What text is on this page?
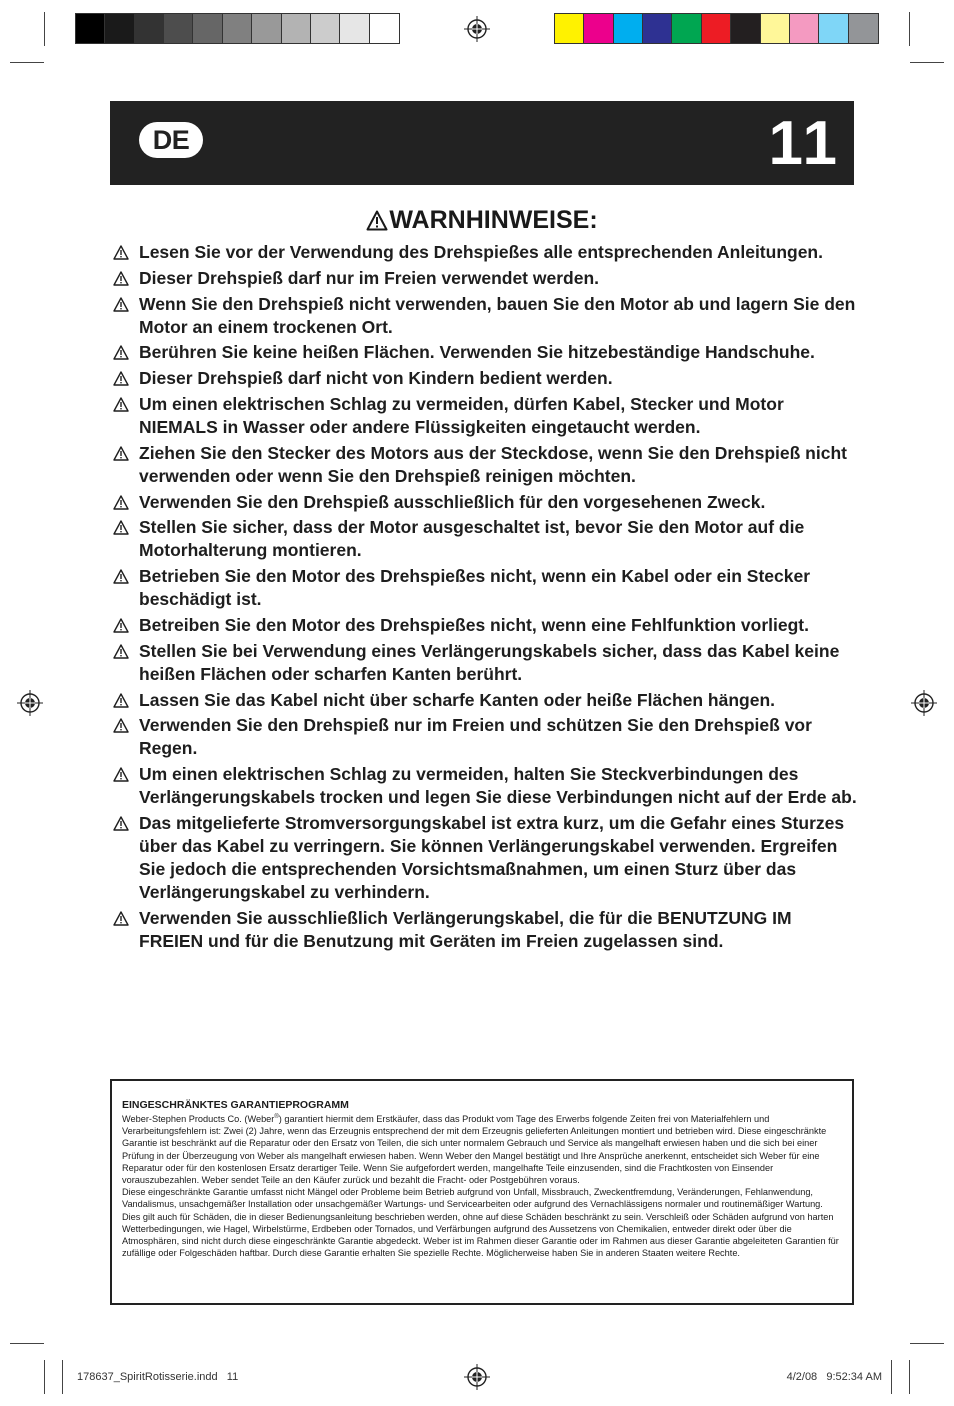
DE	11
WARNHINWEISE:
Lesen Sie vor der Verwendung des Drehspießes alle entsprechenden Anleitungen.
Dieser Drehspieß darf nur im Freien verwendet werden.
Wenn Sie den Drehspieß nicht verwenden, bauen Sie den Motor ab und lagern Sie den Motor an einem trockenen Ort.
Berühren Sie keine heißen Flächen. Verwenden Sie hitzebeständige Handschuhe.
Dieser Drehspieß darf nicht von Kindern bedient werden.
Um einen elektrischen Schlag zu vermeiden, dürfen Kabel, Stecker und Motor NIEMALS in Wasser oder andere Flüssigkeiten eingetaucht werden.
Ziehen Sie den Stecker des Motors aus der Steckdose, wenn Sie den Drehspieß nicht verwenden oder wenn Sie den Drehspieß reinigen möchten.
Verwenden Sie den Drehspieß ausschließlich für den vorgesehenen Zweck.
Stellen Sie sicher, dass der Motor ausgeschaltet ist, bevor Sie den Motor auf die Motorhalterung montieren.
Betrieben Sie den Motor des Drehspießes nicht, wenn ein Kabel oder ein Stecker beschädigt ist.
Betreiben Sie den Motor des Drehspießes nicht, wenn eine Fehlfunktion vorliegt.
Stellen Sie bei Verwendung eines Verlängerungskabels sicher, dass das Kabel keine heißen Flächen oder scharfen Kanten berührt.
Lassen Sie das Kabel nicht über scharfe Kanten oder heiße Flächen hängen.
Verwenden Sie den Drehspieß nur im Freien und schützen Sie den Drehspieß vor Regen.
Um einen elektrischen Schlag zu vermeiden, halten Sie Steckverbindungen des Verlängerungskabels trocken und legen Sie diese Verbindungen nicht auf der Erde ab.
Das mitgelieferte Stromversorgungskabel ist extra kurz, um die Gefahr eines Sturzes über das Kabel zu verringern. Sie können Verlängerungskabel verwenden. Ergreifen Sie jedoch die entsprechenden Vorsichtsmaßnahmen, um einen Sturz über das Verlängerungskabel zu verhindern.
Verwenden Sie ausschließlich Verlängerungskabel, die für die BENUTZUNG IM FREIEN und für die Benutzung mit Geräten im Freien zugelassen sind.

EINGESCHRÄNKTES GARANTIEPROGRAMM

Weber-Stephen Products Co. (Weber®) garantiert hiermit dem Erstkäufer, dass das Produkt vom Tage des Erwerbs folgende Zeiten frei von Materialfehlern und Verarbeitungsfehlern ist: Zwei (2) Jahre, wenn das Erzeugnis entsprechend der mit dem Erzeugnis gelieferten Anleitungen montiert und betrieben wird. Diese eingeschränkte Garantie ist beschränkt auf die Reparatur oder den Ersatz von Teilen, die sich unter normalem Gebrauch und Service als mangelhaft erwiesen haben und die sich bei einer Prüfung in der Überzeugung von Weber als mangelhaft erwiesen haben. Wenn Weber den Mangel bestätigt und Ihre Ansprüche anerkennt, entscheidet sich Weber für eine Reparatur oder für den kostenlosen Ersatz derartiger Teile. Wenn Sie aufgefordert werden, mangelhafte Teile einzusenden, sind die Frachtkosten von Einsender vorauszubezahlen. Weber sendet Teile an den Käufer zurück und bezahlt die Fracht- oder Postgebühren voraus.

Diese eingeschränkte Garantie umfasst nicht Mängel oder Probleme beim Betrieb aufgrund von Unfall, Missbrauch, Zweckentfremdung, Veränderungen, Fehlanwendung, Vandalismus, unsachgemäßer Installation oder unsachgemäßer Wartungs- und Servicearbeiten oder aufgrund des Vernachlässigens normaler und routinemäßiger Wartung. Dies gilt auch für Schäden, die in dieser Bedienungsanleitung beschrieben werden, ohne auf diese Schäden beschränkt zu sein. Verschleiß oder Schäden aufgrund von harten Wetterbedingungen, wie Hagel, Wirbelstürme, Erdbeben oder Tornados, und Verfärbungen aufgrund des Aussetzens von Chemikalien, entweder direkt oder über die Atmosphären, sind nicht durch diese eingeschränkte Garantie abgedeckt. Weber ist im Rahmen dieser Garantie oder im Rahmen aus dieser Garantie abgeleiteten Garantien für zufällige oder Folgeschäden haftbar. Durch diese Garantie erhalten Sie spezielle Rechte. Möglicherweise haben Sie in anderen Staaten weitere Rechte.

178637_SpiritRotisserie.indd   11	4/2/08   9:52:34 AM
